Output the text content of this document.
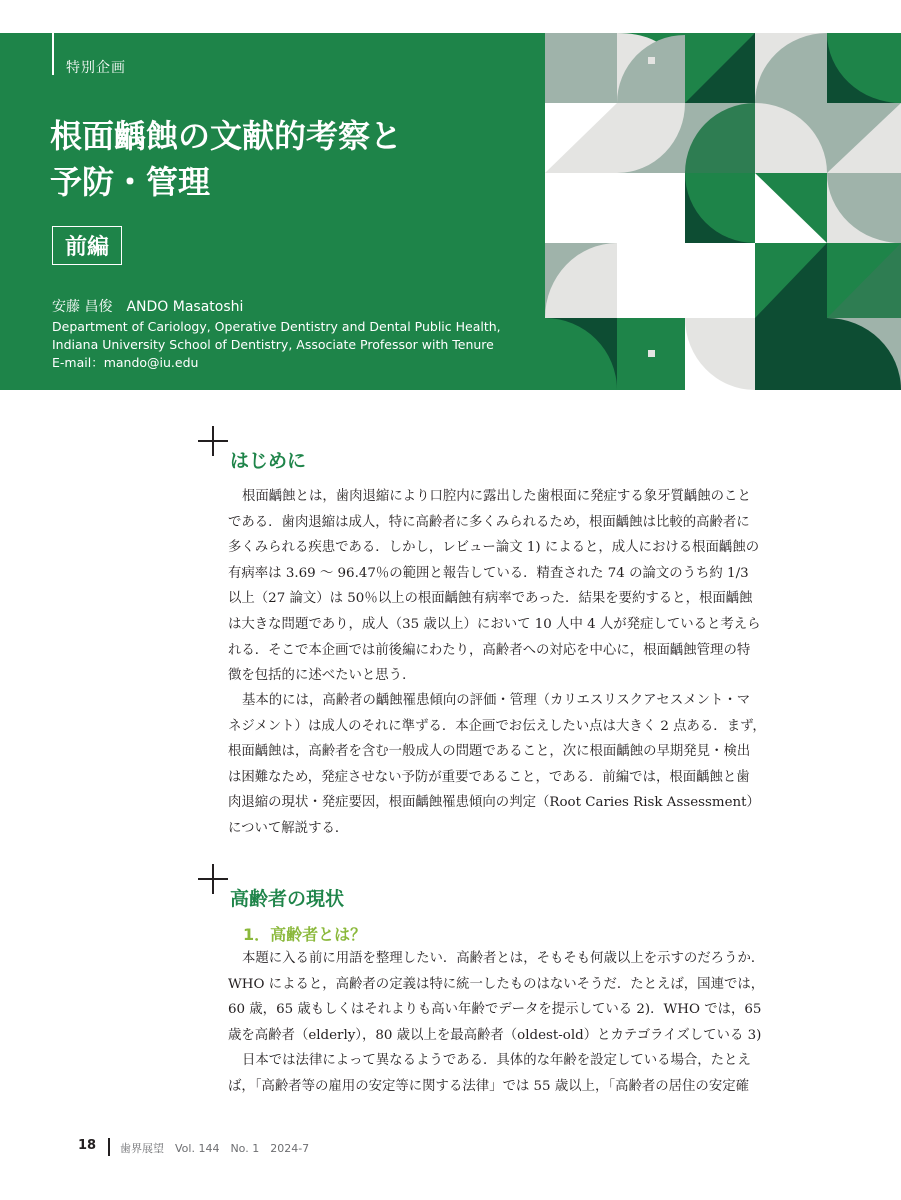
特別企画
根面齲蝕の文献的考察と
予防・管理
前編
安藤 昌俊　ANDO Masatoshi
Department of Cariology, Operative Dentistry and Dental Public Health,
Indiana University School of Dentistry, Associate Professor with Tenure
E-mail：mando@iu.edu
はじめに

根面齲蝕とは，歯肉退縮により口腔内に露出した歯根面に発症する象牙質齲蝕のこと
である．歯肉退縮は成人，特に高齢者に多くみられるため，根面齲蝕は比較的高齢者に
多くみられる疾患である．しかし，レビュー論文 1) によると，成人における根面齲蝕の
有病率は 3.69 〜 96.47％の範囲と報告している．精査された 74 の論文のうち約 1/3
以上（27 論文）は 50％以上の根面齲蝕有病率であった．結果を要約すると，根面齲蝕
は大きな問題であり，成人（35 歳以上）において 10 人中 4 人が発症していると考えら
れる．そこで本企画では前後編にわたり，高齢者への対応を中心に，根面齲蝕管理の特
徴を包括的に述べたいと思う．

基本的には，高齢者の齲蝕罹患傾向の評価・管理（カリエスリスクアセスメント・マ
ネジメント）は成人のそれに準ずる．本企画でお伝えしたい点は大きく 2 点ある．まず，
根面齲蝕は，高齢者を含む一般成人の問題であること，次に根面齲蝕の早期発見・検出
は困難なため，発症させない予防が重要であること，である．前編では，根面齲蝕と歯
肉退縮の現状・発症要因，根面齲蝕罹患傾向の判定（Root Caries Risk Assessment）
について解説する．

高齢者の現状
1．高齢者とは？

本題に入る前に用語を整理したい．高齢者とは，そもそも何歳以上を示すのだろうか．
WHO によると，高齢者の定義は特に統一したものはないそうだ．たとえば，国連では，
60 歳，65 歳もしくはそれよりも高い年齢でデータを提示している 2)．WHO では，65
歳を高齢者（elderly），80 歳以上を最高齢者（oldest-old）とカテゴライズしている 3)

日本では法律によって異なるようである．具体的な年齢を設定している場合，たとえ
ば，「高齢者等の雇用の安定等に関する法律」では 55 歳以上，「高齢者の居住の安定確

18 歯界展望　Vol. 144　No. 1　2024-7
